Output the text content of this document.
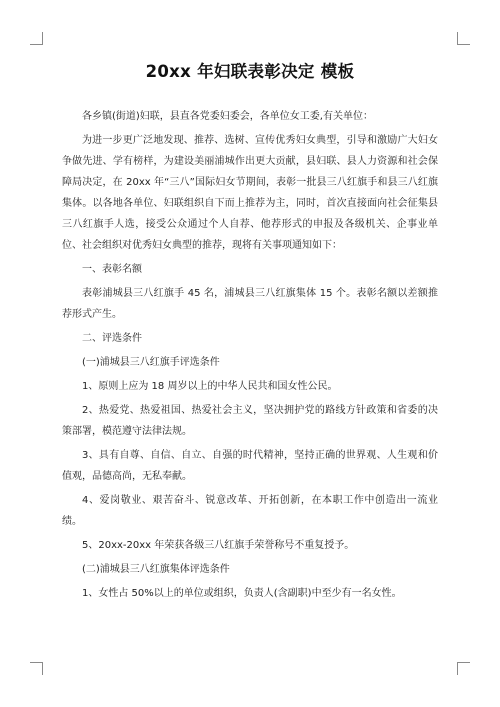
20xx 年妇联表彰决定 模板

各乡镇(街道)妇联，县直各党委妇委会，各单位女工委,有关单位：

为进一步更广泛地发现、推荐、选树、宣传优秀妇女典型，引导和激励广大妇女争做先进、学有榜样，为建设美丽浦城作出更大贡献，县妇联、县人力资源和社会保障局决定，在 20xx 年“三八”国际妇女节期间，表彰一批县三八红旗手和县三八红旗集体。以各地各单位、妇联组织自下而上推荐为主，同时，首次直接面向社会征集县三八红旗手人选，接受公众通过个人自荐、他荐形式的申报及各级机关、企事业单位、社会组织对优秀妇女典型的推荐，现将有关事项通知如下：

一、表彰名额

表彰浦城县三八红旗手 45 名，浦城县三八红旗集体 15 个。表彰名额以差额推荐形式产生。

二、评选条件

(一)浦城县三八红旗手评选条件

1、原则上应为 18 周岁以上的中华人民共和国女性公民。

2、热爱党、热爱祖国、热爱社会主义，坚决拥护党的路线方针政策和省委的决策部署，模范遵守法律法规。

3、具有自尊、自信、自立、自强的时代精神，坚持正确的世界观、人生观和价值观，品德高尚，无私奉献。

4、爱岗敬业、艰苦奋斗、锐意改革、开拓创新，在本职工作中创造出一流业绩。

5、20xx-20xx 年荣获各级三八红旗手荣誉称号不重复授予。

(二)浦城县三八红旗集体评选条件

1、女性占 50%以上的单位或组织，负责人(含副职)中至少有一名女性。
